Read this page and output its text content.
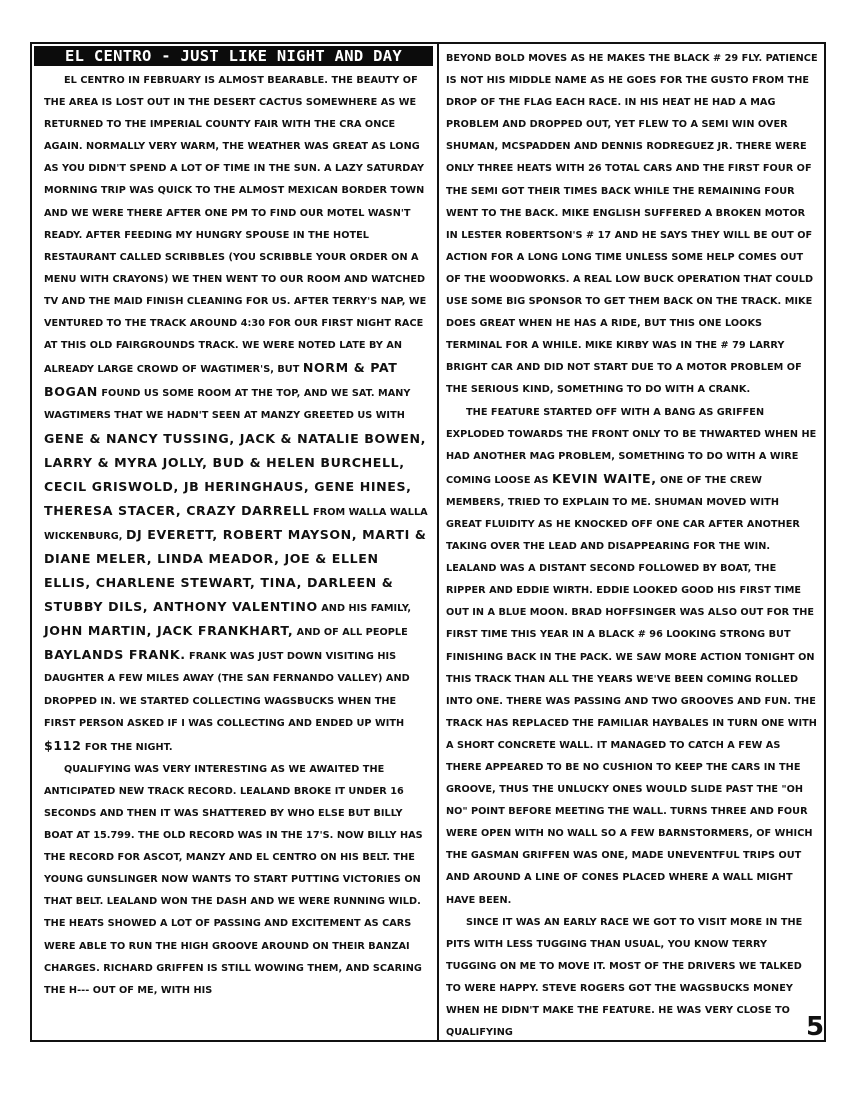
EL CENTRO - JUST LIKE NIGHT AND DAY

EL CENTRO IN FEBRUARY IS ALMOST BEARABLE. THE BEAUTY OF THE AREA IS LOST OUT IN THE DESERT CACTUS SOMEWHERE AS WE RETURNED TO THE IMPERIAL COUNTY FAIR WITH THE CRA ONCE AGAIN. NORMALLY VERY WARM, THE WEATHER WAS GREAT AS LONG AS YOU DIDN'T SPEND A LOT OF TIME IN THE SUN. A LAZY SATURDAY MORNING TRIP WAS QUICK TO THE ALMOST MEXICAN BORDER TOWN AND WE WERE THERE AFTER ONE PM TO FIND OUR MOTEL WASN'T READY. AFTER FEEDING MY HUNGRY SPOUSE IN THE HOTEL RESTAURANT CALLED SCRIBBLES (YOU SCRIBBLE YOUR ORDER ON A MENU WITH CRAYONS) WE THEN WENT TO OUR ROOM AND WATCHED TV AND THE MAID FINISH CLEANING FOR US. AFTER TERRY'S NAP, WE VENTURED TO THE TRACK AROUND 4:30 FOR OUR FIRST NIGHT RACE AT THIS OLD FAIRGROUNDS TRACK. WE WERE NOTED LATE BY AN ALREADY LARGE CROWD OF WAGTIMER'S, BUT NORM & PAT BOGAN FOUND US SOME ROOM AT THE TOP, AND WE SAT. MANY WAGTIMERS THAT WE HADN'T SEEN AT MANZY GREETED US WITH GENE & NANCY TUSSING, JACK & NATALIE BOWEN, LARRY & MYRA JOLLY, BUD & HELEN BURCHELL, CECIL GRISWOLD, JB HERINGHAUS, GENE HINES, THERESA STACER, CRAZY DARRELL FROM WALLA WALLA WICKENBURG, DJ EVERETT, ROBERT MAYSON, MARTI & DIANE MELER, LINDA MEADOR, JOE & ELLEN ELLIS, CHARLENE STEWART, TINA, DARLEEN & STUBBY DILS, ANTHONY VALENTINO AND HIS FAMILY, JOHN MARTIN, JACK FRANKHART, AND OF ALL PEOPLE BAYLANDS FRANK. FRANK WAS JUST DOWN VISITING HIS DAUGHTER A FEW MILES AWAY (THE SAN FERNANDO VALLEY) AND DROPPED IN. WE STARTED COLLECTING WAGSBUCKS WHEN THE FIRST PERSON ASKED IF I WAS COLLECTING AND ENDED UP WITH $112 FOR THE NIGHT.

QUALIFYING WAS VERY INTERESTING AS WE AWAITED THE ANTICIPATED NEW TRACK RECORD. LEALAND BROKE IT UNDER 16 SECONDS AND THEN IT WAS SHATTERED BY WHO ELSE BUT BILLY BOAT AT 15.799. THE OLD RECORD WAS IN THE 17'S. NOW BILLY HAS THE RECORD FOR ASCOT, MANZY AND EL CENTRO ON HIS BELT. THE YOUNG GUNSLINGER NOW WANTS TO START PUTTING VICTORIES ON THAT BELT. LEALAND WON THE DASH AND WE WERE RUNNING WILD. THE HEATS SHOWED A LOT OF PASSING AND EXCITEMENT AS CARS WERE ABLE TO RUN THE HIGH GROOVE AROUND ON THEIR BANZAI CHARGES. RICHARD GRIFFEN IS STILL WOWING THEM, AND SCARING THE H--- OUT OF ME, WITH HIS

BEYOND BOLD MOVES AS HE MAKES THE BLACK # 29 FLY. PATIENCE IS NOT HIS MIDDLE NAME AS HE GOES FOR THE GUSTO FROM THE DROP OF THE FLAG EACH RACE. IN HIS HEAT HE HAD A MAG PROBLEM AND DROPPED OUT, YET FLEW TO A SEMI WIN OVER SHUMAN, MCSPADDEN AND DENNIS RODREGUEZ JR. THERE WERE ONLY THREE HEATS WITH 26 TOTAL CARS AND THE FIRST FOUR OF THE SEMI GOT THEIR TIMES BACK WHILE THE REMAINING FOUR WENT TO THE BACK. MIKE ENGLISH SUFFERED A BROKEN MOTOR IN LESTER ROBERTSON'S # 17 AND HE SAYS THEY WILL BE OUT OF ACTION FOR A LONG LONG TIME UNLESS SOME HELP COMES OUT OF THE WOODWORKS. A REAL LOW BUCK OPERATION THAT COULD USE SOME BIG SPONSOR TO GET THEM BACK ON THE TRACK. MIKE DOES GREAT WHEN HE HAS A RIDE, BUT THIS ONE LOOKS TERMINAL FOR A WHILE. MIKE KIRBY WAS IN THE # 79 LARRY BRIGHT CAR AND DID NOT START DUE TO A MOTOR PROBLEM OF THE SERIOUS KIND, SOMETHING TO DO WITH A CRANK.

THE FEATURE STARTED OFF WITH A BANG AS GRIFFEN EXPLODED TOWARDS THE FRONT ONLY TO BE THWARTED WHEN HE HAD ANOTHER MAG PROBLEM, SOMETHING TO DO WITH A WIRE COMING LOOSE AS KEVIN WAITE, ONE OF THE CREW MEMBERS, TRIED TO EXPLAIN TO ME. SHUMAN MOVED WITH GREAT FLUIDITY AS HE KNOCKED OFF ONE CAR AFTER ANOTHER TAKING OVER THE LEAD AND DISAPPEARING FOR THE WIN. LEALAND WAS A DISTANT SECOND FOLLOWED BY BOAT, THE RIPPER AND EDDIE WIRTH. EDDIE LOOKED GOOD HIS FIRST TIME OUT IN A BLUE MOON. BRAD HOFFSINGER WAS ALSO OUT FOR THE FIRST TIME THIS YEAR IN A BLACK # 96 LOOKING STRONG BUT FINISHING BACK IN THE PACK. WE SAW MORE ACTION TONIGHT ON THIS TRACK THAN ALL THE YEARS WE'VE BEEN COMING ROLLED INTO ONE. THERE WAS PASSING AND TWO GROOVES AND FUN. THE TRACK HAS REPLACED THE FAMILIAR HAYBALES IN TURN ONE WITH A SHORT CONCRETE WALL. IT MANAGED TO CATCH A FEW AS THERE APPEARED TO BE NO CUSHION TO KEEP THE CARS IN THE GROOVE, THUS THE UNLUCKY ONES WOULD SLIDE PAST THE "OH NO" POINT BEFORE MEETING THE WALL. TURNS THREE AND FOUR WERE OPEN WITH NO WALL SO A FEW BARNSTORMERS, OF WHICH THE GASMAN GRIFFEN WAS ONE, MADE UNEVENTFUL TRIPS OUT AND AROUND A LINE OF CONES PLACED WHERE A WALL MIGHT HAVE BEEN.

SINCE IT WAS AN EARLY RACE WE GOT TO VISIT MORE IN THE PITS WITH LESS TUGGING THAN USUAL, YOU KNOW TERRY TUGGING ON ME TO MOVE IT. MOST OF THE DRIVERS WE TALKED TO WERE HAPPY. STEVE ROGERS GOT THE WAGSBUCKS MONEY WHEN HE DIDN'T MAKE THE FEATURE. HE WAS VERY CLOSE TO QUALIFYING	5
